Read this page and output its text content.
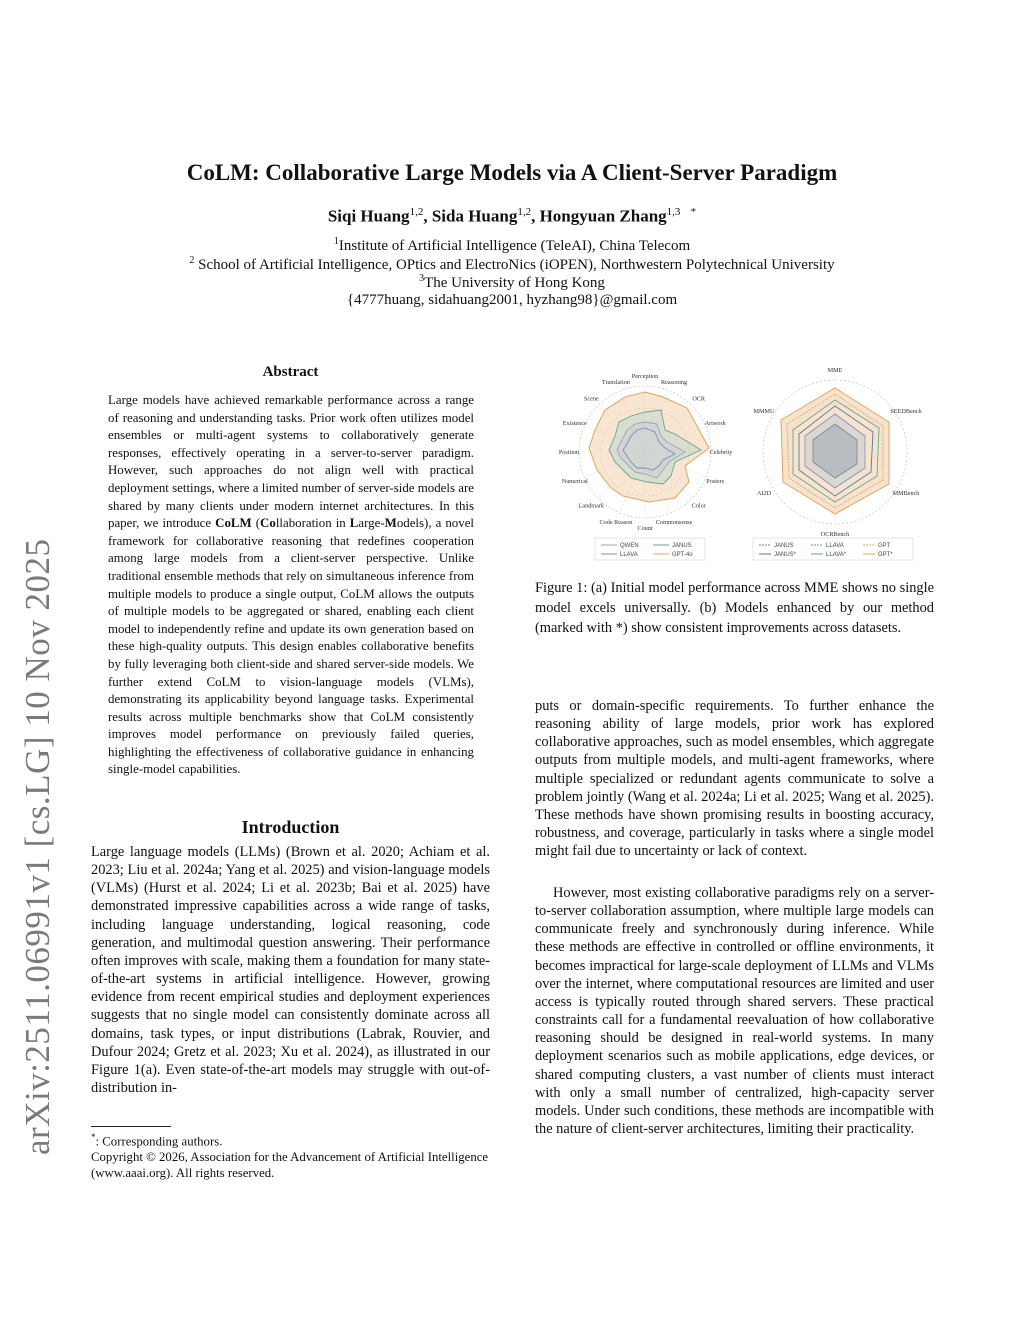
arXiv:2511.06991v1 [cs.LG] 10 Nov 2025
CoLM: Collaborative Large Models via A Client-Server Paradigm
Siqi Huang$^{1,2}$, Sida Huang$^{1,2}$, Hongyuan Zhang$^{1,3}$ *
$^1$Institute of Artificial Intelligence (TeleAI), China Telecom
$^2$ School of Artificial Intelligence, OPtics and ElectroNics (iOPEN), Northwestern Polytechnical University
$^3$The University of Hong Kong
{4777huang, sidahuang2001, hyzhang98}@gmail.com
Abstract
Large models have achieved remarkable performance across a range of reasoning and understanding tasks. Prior work often utilizes model ensembles or multi-agent systems to collaboratively generate responses, effectively operating in a server-to-server paradigm. However, such approaches do not align well with practical deployment settings, where a limited number of server-side models are shared by many clients under modern internet architectures. In this paper, we introduce CoLM (Collaboration in Large-Models), a novel framework for collaborative reasoning that redefines cooperation among large models from a client-server perspective. Unlike traditional ensemble methods that rely on simultaneous inference from multiple models to produce a single output, CoLM allows the outputs of multiple models to be aggregated or shared, enabling each client model to independently refine and update its own generation based on these high-quality outputs. This design enables collaborative benefits by fully leveraging both client-side and shared server-side models. We further extend CoLM to vision-language models (VLMs), demonstrating its applicability beyond language tasks. Experimental results across multiple benchmarks show that CoLM consistently improves model performance on previously failed queries, highlighting the effectiveness of collaborative guidance in enhancing single-model capabilities.
Introduction

Large language models (LLMs) (Brown et al. 2020; Achiam et al. 2023; Liu et al. 2024a; Yang et al. 2025) and vision-language models (VLMs) (Hurst et al. 2024; Li et al. 2023b; Bai et al. 2025) have demonstrated impressive capabilities across a wide range of tasks, including language understanding, logical reasoning, code generation, and multimodal question answering. Their performance often improves with scale, making them a foundation for many state-of-the-art systems in artificial intelligence. However, growing evidence from recent empirical studies and deployment experiences suggests that no single model can consistently dominate across all domains, task types, or input distributions (Labrak, Rouvier, and Dufour 2024; Gretz et al. 2023; Xu et al. 2024), as illustrated in our Figure 1(a). Even state-of-the-art models may struggle with out-of-distribution in-

Perception
Reasoning
OCR
Artwork
Celebrity
Posters
Color
Commonsense
Count
Code Reason
Landmark
Numerical
Position
Existence
Scene
Translation
MME
SEEDBench
MMBench
OCRBench
AI2D
MMMU
QWEN	JANUS
LLAVA	GPT-4o
JANUS	LLAVA	GPT
JANUS*	LLAVA*	GPT*
Figure 1: (a) Initial model performance across MME shows no single model excels universally. (b) Models enhanced by our method (marked with *) show consistent improvements across datasets.

puts or domain-specific requirements. To further enhance the reasoning ability of large models, prior work has explored collaborative approaches, such as model ensembles, which aggregate outputs from multiple models, and multi-agent frameworks, where multiple specialized or redundant agents communicate to solve a problem jointly (Wang et al. 2024a; Li et al. 2025; Wang et al. 2025). These methods have shown promising results in boosting accuracy, robustness, and coverage, particularly in tasks where a single model might fail due to uncertainty or lack of context.

However, most existing collaborative paradigms rely on a server-to-server collaboration assumption, where multiple large models can communicate freely and synchronously during inference. While these methods are effective in controlled or offline environments, it becomes impractical for large-scale deployment of LLMs and VLMs over the internet, where computational resources are limited and user access is typically routed through shared servers. These practical constraints call for a fundamental reevaluation of how collaborative reasoning should be designed in real-world systems. In many deployment scenarios such as mobile applications, edge devices, or shared computing clusters, a vast number of clients must interact with only a small number of centralized, high-capacity server models. Under such conditions, these methods are incompatible with the nature of client-server architectures, limiting their practicality.

*: Corresponding authors.
Copyright © 2026, Association for the Advancement of Artificial Intelligence (www.aaai.org). All rights reserved.
